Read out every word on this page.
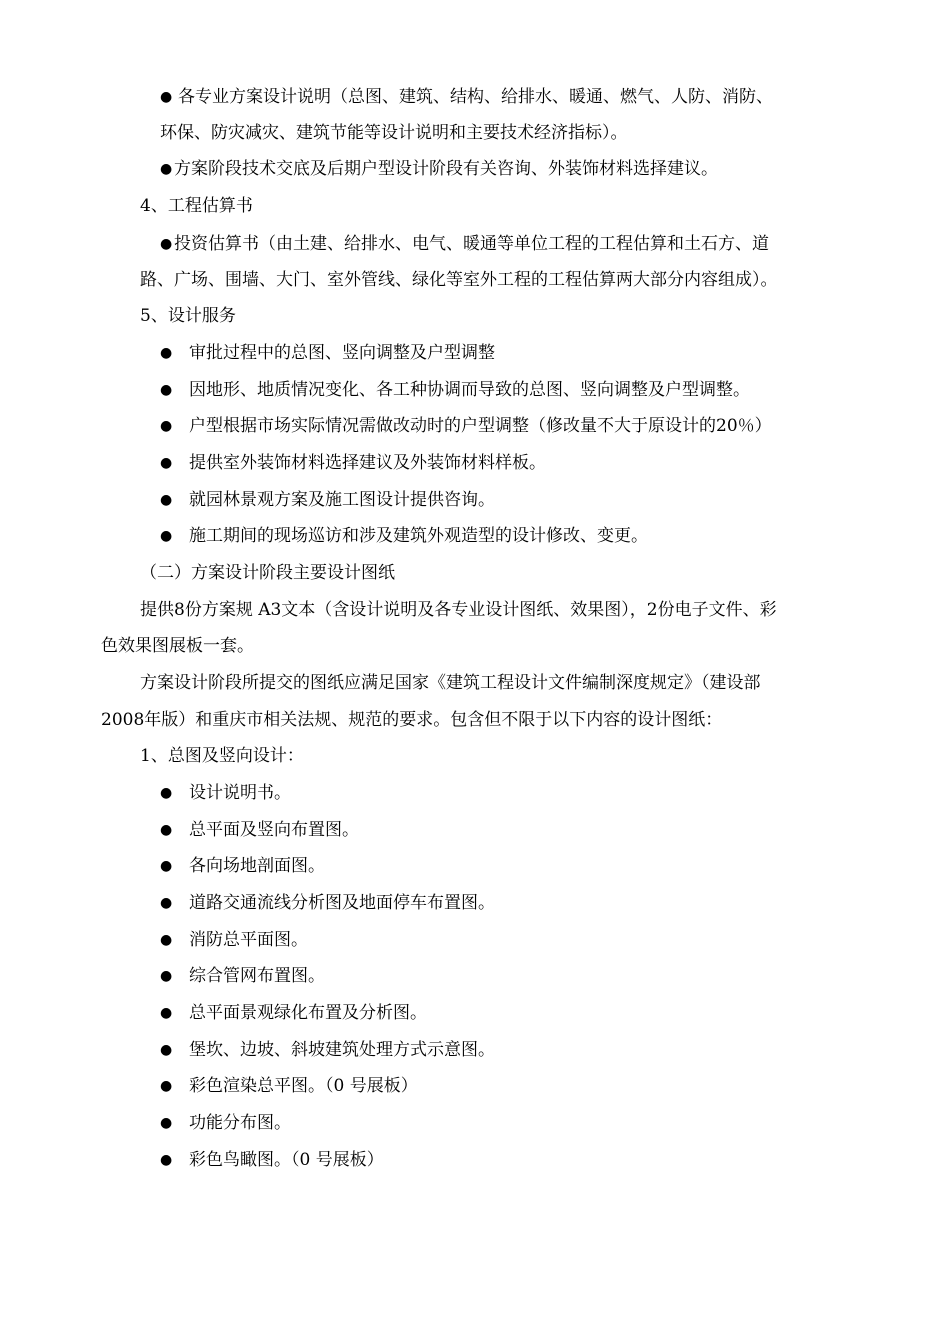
● 各专业方案设计说明（总图、建筑、结构、给排水、暖通、燃气、人防、消防、
环保、防灾减灾、建筑节能等设计说明和主要技术经济指标）。
● 方案阶段技术交底及后期户型设计阶段有关咨询、外装饰材料选择建议。
4、工程估算书
● 投资估算书（由土建、给排水、电气、暖通等单位工程的工程估算和土石方、道
路、广场、围墙、大门、室外管线、绿化等室外工程的工程估算两大部分内容组成）。
5、设计服务
● 审批过程中的总图、竖向调整及户型调整
● 因地形、地质情况变化、各工种协调而导致的总图、竖向调整及户型调整。
● 户型根据市场实际情况需做改动时的户型调整（修改量不大于原设计的20％）
● 提供室外装饰材料选择建议及外装饰材料样板。
● 就园林景观方案及施工图设计提供咨询。
● 施工期间的现场巡访和涉及建筑外观造型的设计修改、变更。
（二）方案设计阶段主要设计图纸
提供8份方案规 A3文本（含设计说明及各专业设计图纸、效果图），2份电子文件、彩
色效果图展板一套。
方案设计阶段所提交的图纸应满足国家《建筑工程设计文件编制深度规定》（建设部
2008年版）和重庆市相关法规、规范的要求。包含但不限于以下内容的设计图纸：
1、总图及竖向设计：
● 设计说明书。
● 总平面及竖向布置图。
● 各向场地剖面图。
● 道路交通流线分析图及地面停车布置图。
● 消防总平面图。
● 综合管网布置图。
● 总平面景观绿化布置及分析图。
● 堡坎、边坡、斜坡建筑处理方式示意图。
● 彩色渲染总平图。（0 号展板）
● 功能分布图。
● 彩色鸟瞰图。（0 号展板）
